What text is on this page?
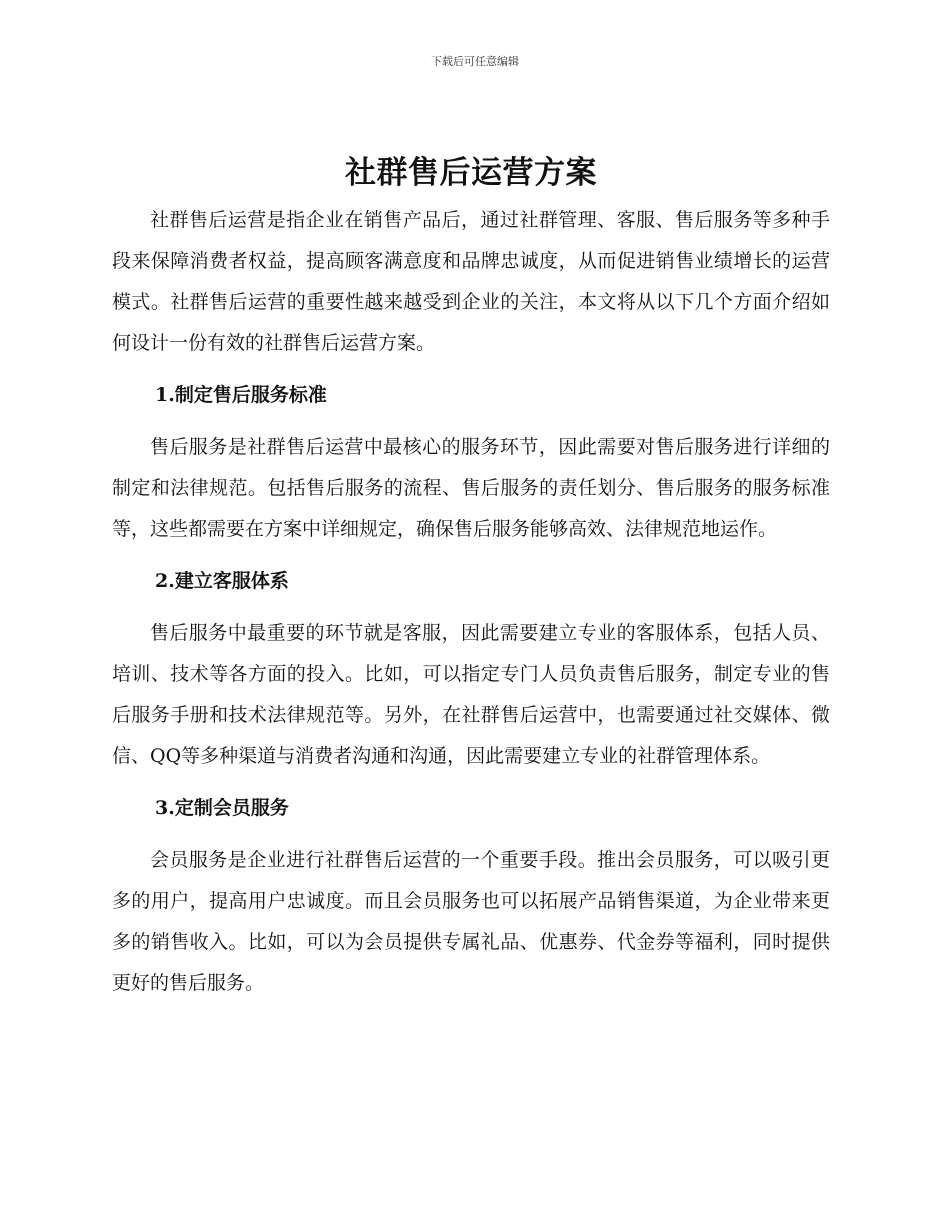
下载后可任意编辑
社群售后运营方案

社群售后运营是指企业在销售产品后，通过社群管理、客服、售后服务等多种手段来保障消费者权益，提高顾客满意度和品牌忠诚度，从而促进销售业绩增长的运营模式。社群售后运营的重要性越来越受到企业的关注，本文将从以下几个方面介绍如何设计一份有效的社群售后运营方案。

1.制定售后服务标准

售后服务是社群售后运营中最核心的服务环节，因此需要对售后服务进行详细的制定和法律规范。包括售后服务的流程、售后服务的责任划分、售后服务的服务标准等，这些都需要在方案中详细规定，确保售后服务能够高效、法律规范地运作。

2.建立客服体系

售后服务中最重要的环节就是客服，因此需要建立专业的客服体系，包括人员、培训、技术等各方面的投入。比如，可以指定专门人员负责售后服务，制定专业的售后服务手册和技术法律规范等。另外，在社群售后运营中，也需要通过社交媒体、微信、QQ等多种渠道与消费者沟通和沟通，因此需要建立专业的社群管理体系。

3.定制会员服务

会员服务是企业进行社群售后运营的一个重要手段。推出会员服务，可以吸引更多的用户，提高用户忠诚度。而且会员服务也可以拓展产品销售渠道，为企业带来更多的销售收入。比如，可以为会员提供专属礼品、优惠券、代金券等福利，同时提供更好的售后服务。
